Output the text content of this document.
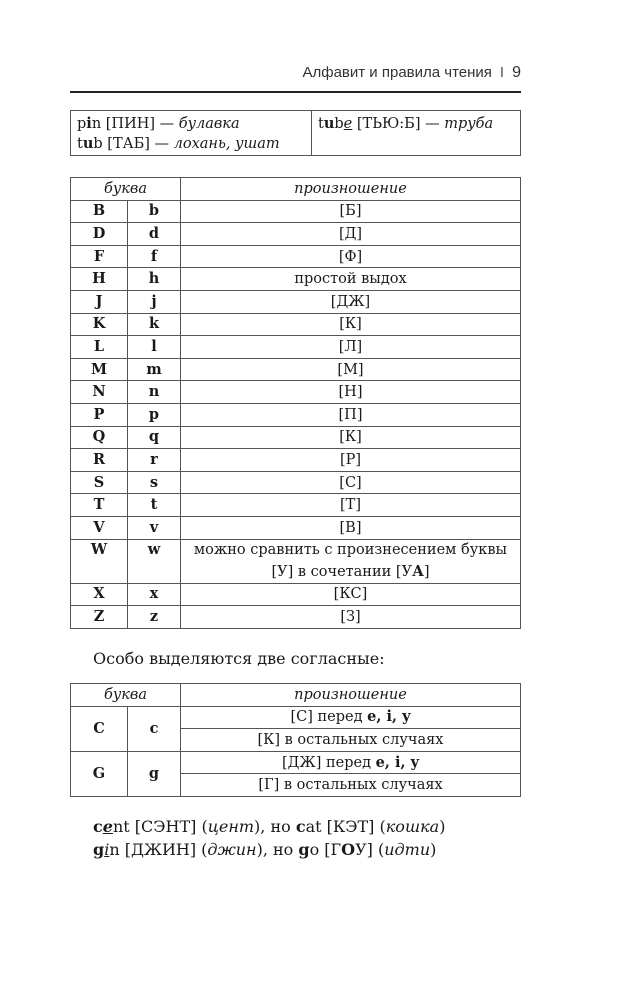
Алфавит и правила чтения I 9
pin [ПИН] — булавка
tub [ТАБ] — лохань, ушат

tube [ТЬЮ:Б] — труба
буква		произношение
B	b	[Б]
D	d	[Д]
F	f	[Ф]
H	h	простой выдох
J	j	[ДЖ]
K	k	[К]
L	l	[Л]
M	m	[М]
N	n	[Н]
P	p	[П]
Q	q	[К]
R	r	[Р]
S	s	[С]
T	t	[Т]
V	v	[В]
W	w	можно сравнить с произнесением буквы
		[У] в сочетании [УА]
X	x	[КС]
Z	z	[З]
Особо выделяются две согласные:
буква		произношение
C	c	[С] перед e, i, y
		[К] в остальных случаях
G	g	[ДЖ] перед e, i, y
		[Г] в остальных случаях
cent [СЭНТ] (цент), но cat [КЭТ] (кошка)
gin [ДЖИН] (джин), но go [ГОУ] (идти)
